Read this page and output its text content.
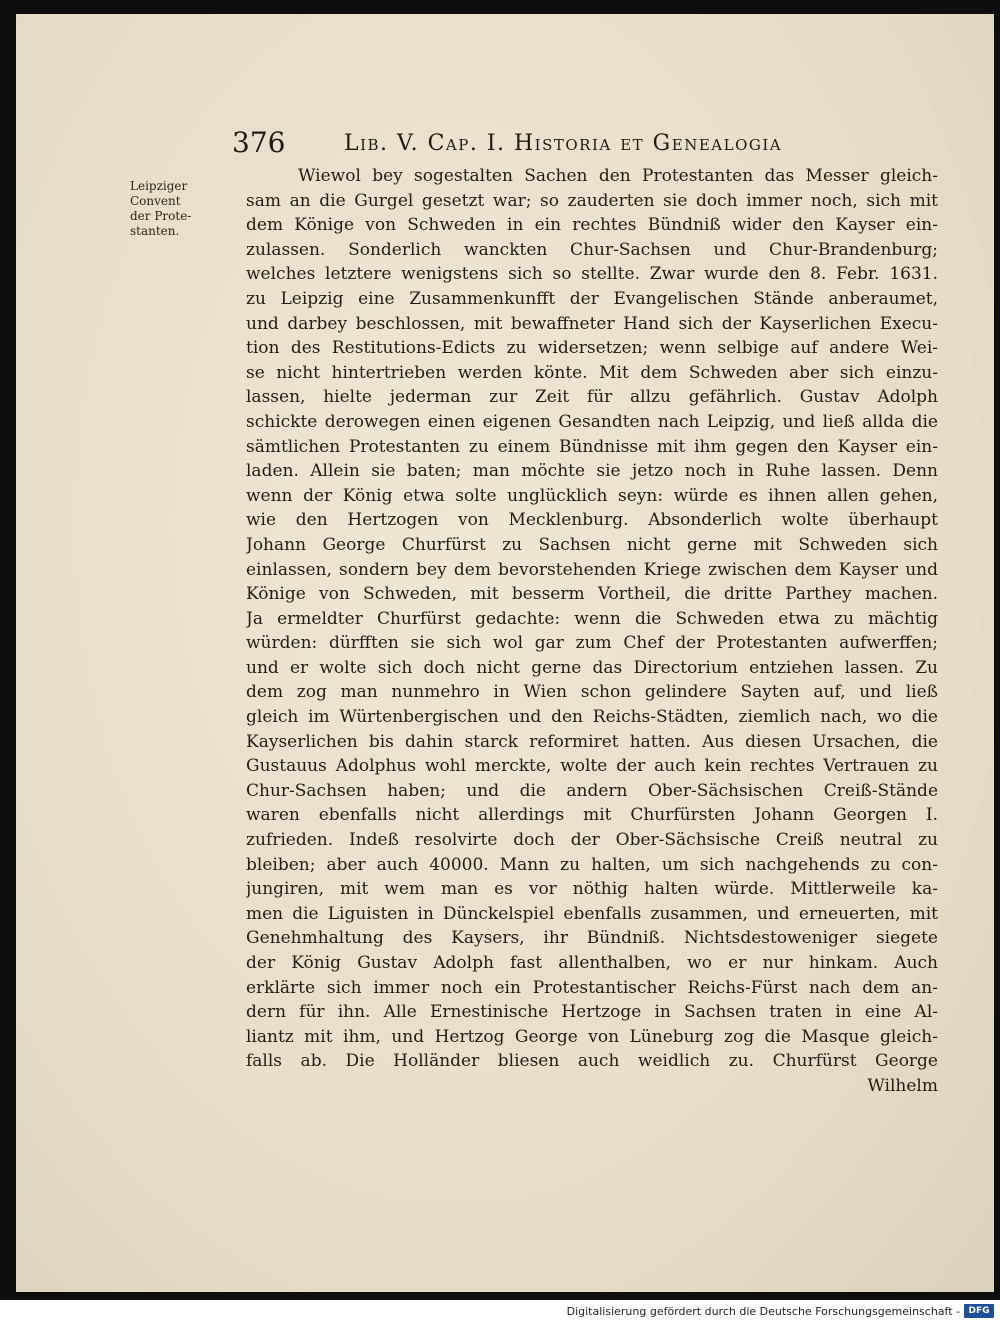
376	Lib. V. Cap. I. Historia et Genealogia
Leipziger
Convent
der Prote-
stanten.
Wiewol bey sogestalten Sachen den Protestanten das Messer gleich-
sam an die Gurgel gesetzt war; so zauderten sie doch immer noch, sich mit
dem Könige von Schweden in ein rechtes Bündniß wider den Kayser ein-
zulassen. Sonderlich wanckten Chur-Sachsen und Chur-Brandenburg;
welches letztere wenigstens sich so stellte. Zwar wurde den 8. Febr. 1631.
zu Leipzig eine Zusammenkunfft der Evangelischen Stände anberaumet,
und darbey beschlossen, mit bewaffneter Hand sich der Kayserlichen Execu-
tion des Restitutions-Edicts zu widersetzen; wenn selbige auf andere Wei-
se nicht hintertrieben werden könte. Mit dem Schweden aber sich einzu-
lassen, hielte jederman zur Zeit für allzu gefährlich. Gustav Adolph
schickte derowegen einen eigenen Gesandten nach Leipzig, und ließ allda die
sämtlichen Protestanten zu einem Bündnisse mit ihm gegen den Kayser ein-
laden. Allein sie baten; man möchte sie jetzo noch in Ruhe lassen. Denn
wenn der König etwa solte unglücklich seyn: würde es ihnen allen gehen,
wie den Hertzogen von Mecklenburg. Absonderlich wolte überhaupt
Johann George Churfürst zu Sachsen nicht gerne mit Schweden sich
einlassen, sondern bey dem bevorstehenden Kriege zwischen dem Kayser und
Könige von Schweden, mit besserm Vortheil, die dritte Parthey machen.
Ja ermeldter Churfürst gedachte: wenn die Schweden etwa zu mächtig
würden: dürfften sie sich wol gar zum Chef der Protestanten aufwerffen;
und er wolte sich doch nicht gerne das Directorium entziehen lassen. Zu
dem zog man nunmehro in Wien schon gelindere Sayten auf, und ließ
gleich im Würtenbergischen und den Reichs-Städten, ziemlich nach, wo die
Kayserlichen bis dahin starck reformiret hatten. Aus diesen Ursachen, die
Gustauus Adolphus wohl merckte, wolte der auch kein rechtes Vertrauen zu
Chur-Sachsen haben; und die andern Ober-Sächsischen Creiß-Stände
waren ebenfalls nicht allerdings mit Churfürsten Johann Georgen I.
zufrieden. Indeß resolvirte doch der Ober-Sächsische Creiß neutral zu
bleiben; aber auch 40000. Mann zu halten, um sich nachgehends zu con-
jungiren, mit wem man es vor nöthig halten würde. Mittlerweile ka-
men die Liguisten in Dünckelspiel ebenfalls zusammen, und erneuerten, mit
Genehmhaltung des Kaysers, ihr Bündniß. Nichtsdestoweniger siegete
der König Gustav Adolph fast allenthalben, wo er nur hinkam. Auch
erklärte sich immer noch ein Protestantischer Reichs-Fürst nach dem an-
dern für ihn. Alle Ernestinische Hertzoge in Sachsen traten in eine Al-
liantz mit ihm, und Hertzog George von Lüneburg zog die Masque gleich-
falls ab. Die Holländer bliesen auch weidlich zu. Churfürst George
Wilhelm
Digitalisierung gefördert durch die Deutsche Forschungsgemeinschaft - DFG
